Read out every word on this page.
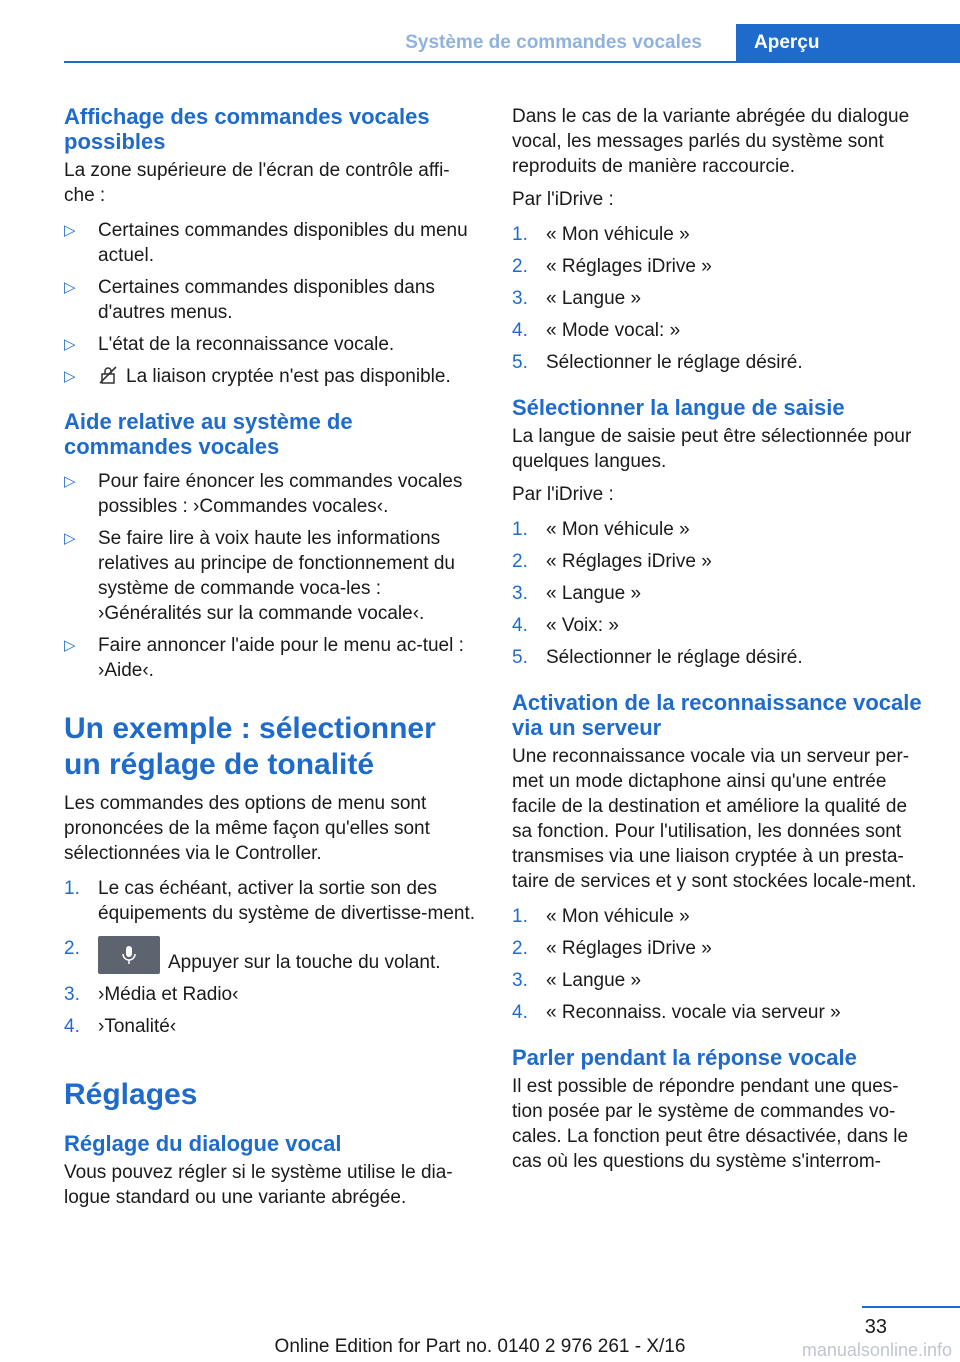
Système de commandes vocales	Aperçu
Affichage des commandes vocales possibles

La zone supérieure de l'écran de contrôle affi-che :

▷ Certaines commandes disponibles du menu actuel.
▷ Certaines commandes disponibles dans d'autres menus.
▷ L'état de la reconnaissance vocale.
▷	La liaison cryptée n'est pas disponible.
Aide relative au système de commandes vocales
▷ Pour faire énoncer les commandes vocales possibles : ›Commandes vocales‹.
▷ Se faire lire à voix haute les informations relatives au principe de fonctionnement du système de commande voca-les : ›Généralités sur la commande vocale‹.
▷ Faire annoncer l'aide pour le menu ac-tuel : ›Aide‹.
Un exemple : sélectionner un réglage de tonalité

Les commandes des options de menu sont prononcées de la même façon qu'elles sont sélectionnées via le Controller.

1. Le cas échéant, activer la sortie son des équipements du système de divertisse-ment.
2.
Appuyer sur la touche du volant.
3. ›Média et Radio‹
4. ›Tonalité‹
Réglages
Réglage du dialogue vocal

Vous pouvez régler si le système utilise le dia-logue standard ou une variante abrégée.

Dans le cas de la variante abrégée du dialogue vocal, les messages parlés du système sont reproduits de manière raccourcie.

Par l'iDrive :

1. « Mon véhicule »
2. « Réglages iDrive »
3. « Langue »
4. « Mode vocal: »
5. Sélectionner le réglage désiré.
Sélectionner la langue de saisie

La langue de saisie peut être sélectionnée pour quelques langues.

Par l'iDrive :

1. « Mon véhicule »
2. « Réglages iDrive »
3. « Langue »
4. « Voix: »
5. Sélectionner le réglage désiré.
Activation de la reconnaissance vocale via un serveur

Une reconnaissance vocale via un serveur per-met un mode dictaphone ainsi qu'une entrée facile de la destination et améliore la qualité de sa fonction. Pour l'utilisation, les données sont transmises via une liaison cryptée à un presta-taire de services et y sont stockées locale-ment.

1. « Mon véhicule »
2. « Réglages iDrive »
3. « Langue »
4. « Reconnaiss. vocale via serveur »
Parler pendant la réponse vocale

Il est possible de répondre pendant une ques-tion posée par le système de commandes vo-cales. La fonction peut être désactivée, dans le cas où les questions du système s'interrom-

33
Online Edition for Part no. 0140 2 976 261 - X/16	manualsonline.info
